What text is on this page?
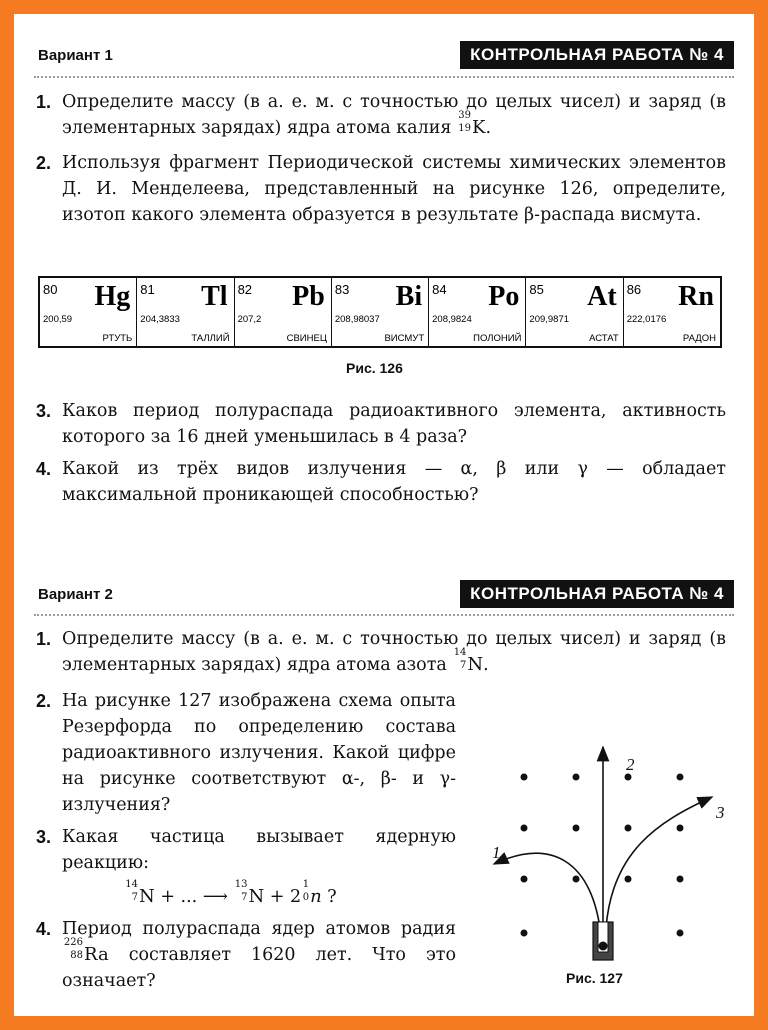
Вариант 1	КОНТРОЛЬНАЯ РАБОТА № 4
1. Определите массу (в а. е. м. с точностью до целых чисел) и заряд (в элементарных зарядах) ядра атома калия
39
19 K.
2. Используя фрагмент Периодической системы химических элементов Д. И. Менделеева, представленный на рисунке 126, определите, изотоп какого элемента образуется в результате β-распада висмута.
80 Hg
200,59
РТУТЬ
81 Tl
204,3833
ТАЛЛИЙ
82 Pb
207,2
СВИНЕЦ
83 Bi
208,98037
ВИСМУТ
84 Po
208,9824
ПОЛОНИЙ
85 At
209,9871
АСТАТ
86 Rn
222,0176
РАДОН
Рис. 126
3. Каков период полураспада радиоактивного элемента, активность которого за 16 дней уменьшилась в 4 раза?
4. Какой из трёх видов излучения — α, β или γ — обладает максимальной проникающей способностью?
Вариант 2	КОНТРОЛЬНАЯ РАБОТА № 4
1. Определите массу (в а. е. м. с точностью до целых чисел) и заряд (в элементарных зарядах) ядра атома азота
14
7 N.
2. На рисунке 127 изображена схема опыта Резерфорда по определению состава радиоактивного излучения. Какой цифре на рисунке соответствуют α-, β- и γ-излучения?
3. Какая частица вызывает ядерную реакцию:
14
7 N + ... ⟶
13
7 N + 2
1
0 n ?
4. Период полураспада ядер атомов радия
226
88 Ra составляет 1620 лет. Что это означает?
1
2
3
Рис. 127
